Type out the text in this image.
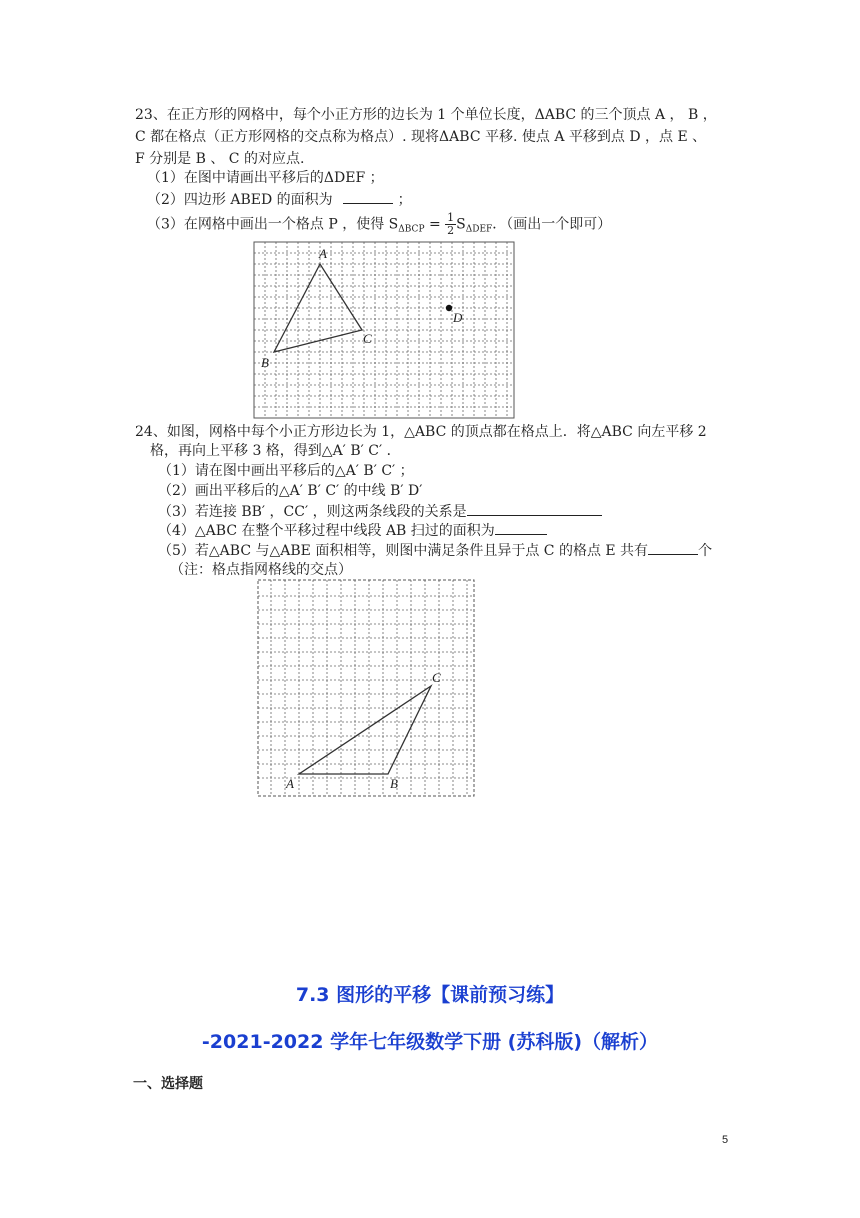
23、在正方形的网格中，每个小正方形的边长为 1 个单位长度，ΔABC 的三个顶点 A ， B ，
C 都在格点（正方形网格的交点称为格点）. 现将ΔABC 平移. 使点 A 平移到点 D ，点 E 、
F 分别是 B 、 C 的对应点.
（1）在图中请画出平移后的ΔDEF ；
（2）四边形 ABED 的面积为	；
（3）在网格中画出一个格点 P ，使得 $S_{\Delta BCP} = \frac{1}{2} S_{\Delta DEF}$．（画出一个即可）
A
B
C
D
24、如图，网格中每个小正方形边长为 1，△ABC 的顶点都在格点上．将△ABC 向左平移 2
格，再向上平移 3 格，得到△A′ B′ C′ ．
（1）请在图中画出平移后的△A′ B′ C′ ；
（2）画出平移后的△A′ B′ C′ 的中线 B′ D′
（3）若连接 BB′ ，CC′ ，则这两条线段的关系是
（4）△ABC 在整个平移过程中线段 AB 扫过的面积为
（5）若△ABC 与△ABE 面积相等，则图中满足条件且异于点 C 的格点 E 共有	个
（注：格点指网格线的交点）
A	B
C
7.3 图形的平移【课前预习练】
-2021-2022 学年七年级数学下册 (苏科版)（解析）
一、选择题
5
